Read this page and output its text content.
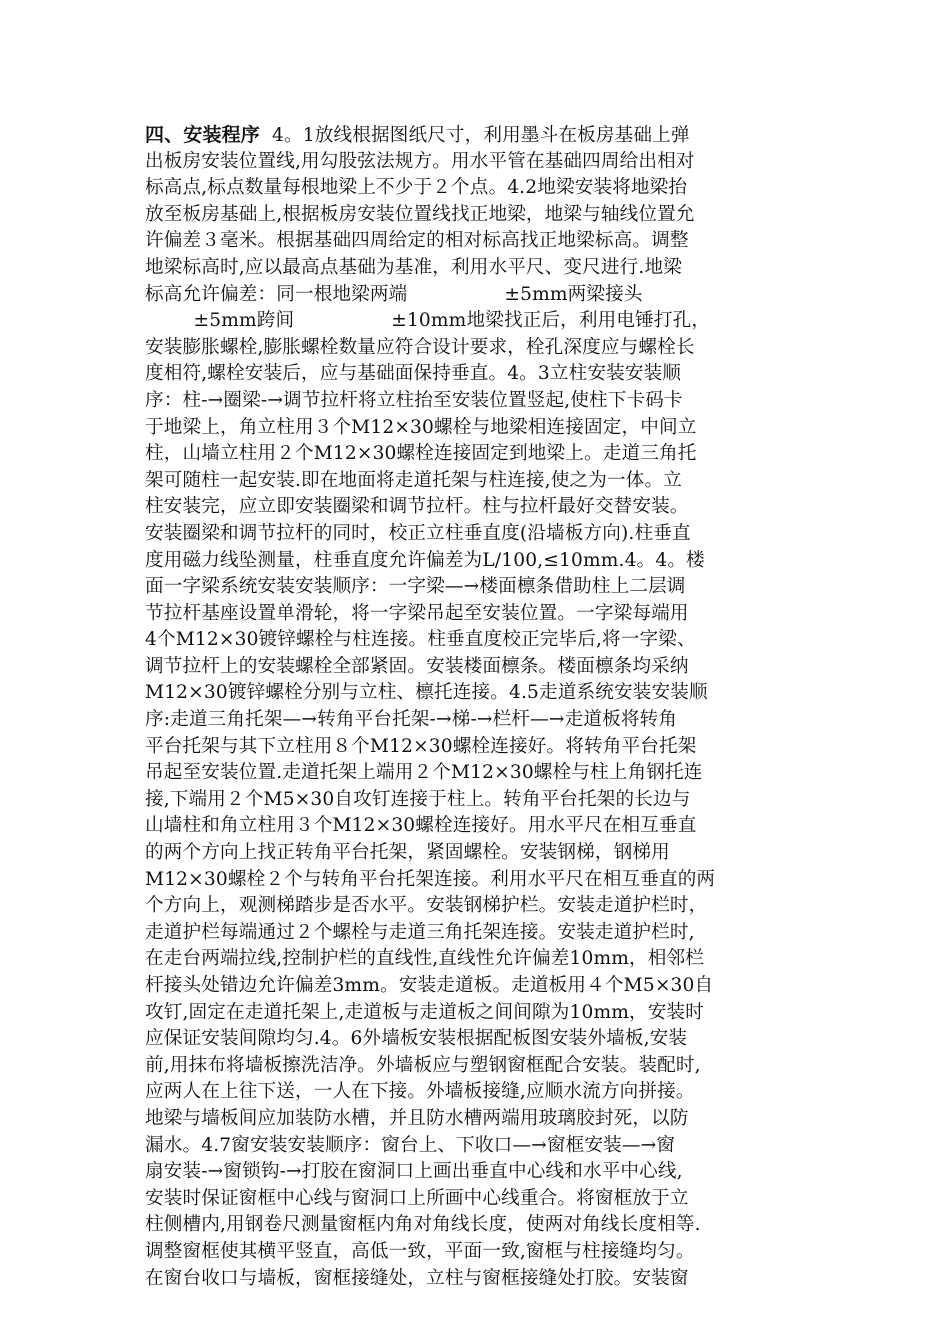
四、安装程序  4。1放线根据图纸尺寸，利用墨斗在板房基础上弹
出板房安装位置线,用勾股弦法规方。用水平管在基础四周给出相对
标高点,标点数量每根地梁上不少于２个点。4.2地梁安装将地梁抬
放至板房基础上,根据板房安装位置线找正地梁，地梁与轴线位置允
许偏差３毫米。根据基础四周给定的相对标高找正地梁标高。调整
地梁标高时,应以最高点基础为基准，利用水平尺、变尺进行.地梁
标高允许偏差：同一根地梁两端                ±5mm两梁接头
±5mm跨间                ±10mm地梁找正后，利用电锤打孔，
安装膨胀螺栓,膨胀螺栓数量应符合设计要求，栓孔深度应与螺栓长
度相符,螺栓安装后，应与基础面保持垂直。4。3立柱安装安装顺
序：柱-→圈梁-→调节拉杆将立柱抬至安装位置竖起,使柱下卡码卡
于地梁上，角立柱用３个M12×30螺栓与地梁相连接固定，中间立
柱，山墙立柱用２个M12×30螺栓连接固定到地梁上。走道三角托
架可随柱一起安装.即在地面将走道托架与柱连接,使之为一体。立
柱安装完，应立即安装圈梁和调节拉杆。柱与拉杆最好交替安装。
安装圈梁和调节拉杆的同时，校正立柱垂直度(沿墙板方向).柱垂直
度用磁力线坠测量，柱垂直度允许偏差为L/100,≤10mm.4。4。楼
面一字梁系统安装安装顺序：一字梁—→楼面檩条借助柱上二层调
节拉杆基座设置单滑轮，将一字梁吊起至安装位置。一字梁每端用
4个M12×30镀锌螺栓与柱连接。柱垂直度校正完毕后,将一字梁、
调节拉杆上的安装螺栓全部紧固。安装楼面檩条。楼面檩条均采纳
M12×30镀锌螺栓分别与立柱、檩托连接。4.5走道系统安装安装顺
序:走道三角托架—→转角平台托架-→梯-→栏杆—→走道板将转角
平台托架与其下立柱用８个M12×30螺栓连接好。将转角平台托架
吊起至安装位置.走道托架上端用２个M12×30螺栓与柱上角钢托连
接,下端用２个M5×30自攻钉连接于柱上。转角平台托架的长边与
山墙柱和角立柱用３个M12×30螺栓连接好。用水平尺在相互垂直
的两个方向上找正转角平台托架，紧固螺栓。安装钢梯，钢梯用
M12×30螺栓２个与转角平台托架连接。利用水平尺在相互垂直的两
个方向上，观测梯踏步是否水平。安装钢梯护栏。安装走道护栏时，
走道护栏每端通过２个螺栓与走道三角托架连接。安装走道护栏时,
在走台两端拉线,控制护栏的直线性,直线性允许偏差10mm，相邻栏
杆接头处错边允许偏差3mm。安装走道板。走道板用４个M5×30自
攻钉,固定在走道托架上,走道板与走道板之间间隙为10mm，安装时
应保证安装间隙均匀.4。6外墙板安装根据配板图安装外墙板,安装
前,用抹布将墙板擦洗洁净。外墙板应与塑钢窗框配合安装。装配时,
应两人在上往下送，一人在下接。外墙板接缝,应顺水流方向拼接。
地梁与墙板间应加装防水槽，并且防水槽两端用玻璃胶封死，以防
漏水。4.7窗安装安装顺序：窗台上、下收口—→窗框安装—→窗
扇安装-→窗锁钩-→打胶在窗洞口上画出垂直中心线和水平中心线,
安装时保证窗框中心线与窗洞口上所画中心线重合。将窗框放于立
柱侧槽内,用钢卷尺测量窗框内角对角线长度，使两对角线长度相等.
调整窗框使其横平竖直，高低一致，平面一致,窗框与柱接缝均匀。
在窗台收口与墙板，窗框接缝处，立柱与窗框接缝处打胶。安装窗
